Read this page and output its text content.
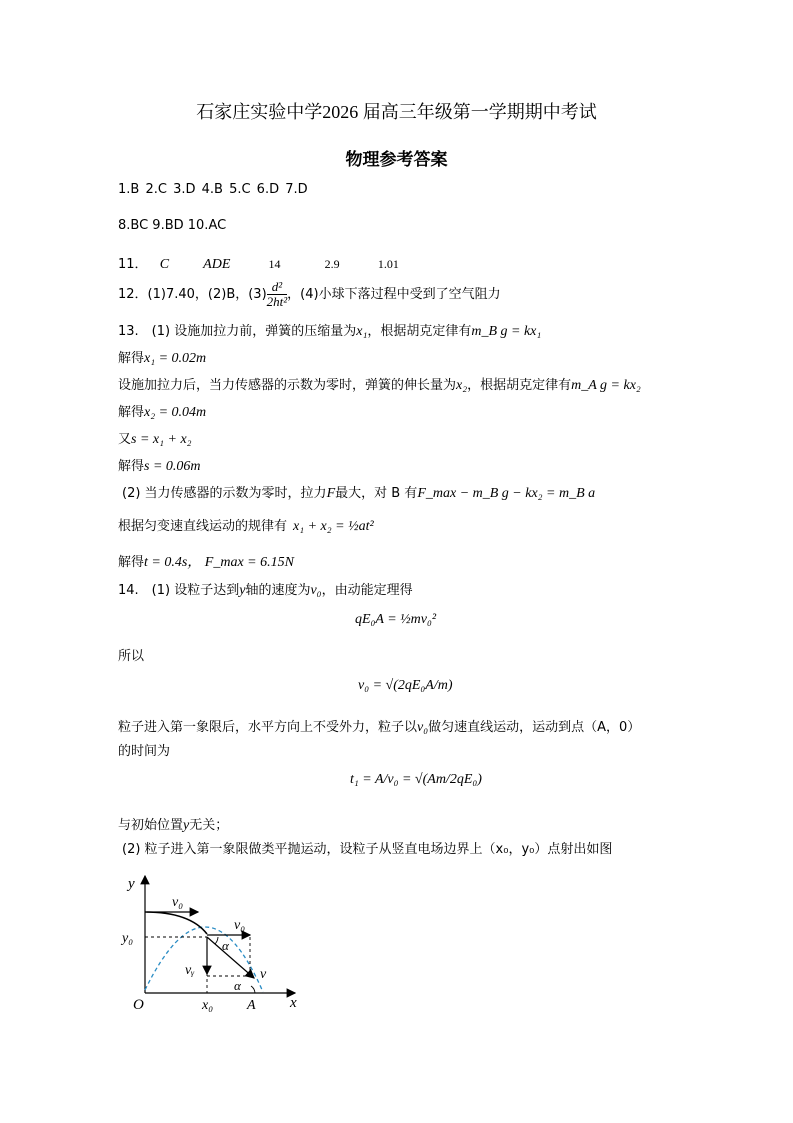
石家庄实验中学2026 届高三年级第一学期期中考试
物理参考答案
1.B 2.C 3.D 4.B 5.C 6.D 7.D
8.BC 9.BD 10.AC
11． C ADE	14	2.9	1.01
12．(1)7.40，(2)B，$(3) \frac{\text{d²}}{\text{2ht²}}$ ，(4)小球下落过程中受到了空气阻力
13.　(1) 设施加拉力前，弹簧的压缩量为x₁，根据胡克定律有m_B g = kx₁
解得x₁ = 0.02m
设施加拉力后，当力传感器的示数为零时，弹簧的伸长量为x₂，根据胡克定律有m_A g = kx₂
解得x₂ = 0.04m
又s = x₁ + x₂
解得s = 0.06m
(2) 当力传感器的示数为零时，拉力F最大，对 B 有F_max − m_B g − kx₂ = m_B a
根据匀变速直线运动的规律有 x₁ + x₂ = ½at²
解得t = 0.4s， F_max = 6.15N
14.　(1) 设粒子达到y轴的速度为v₀，由动能定理得
qE₀A = ½mv₀²
所以
v₀ = √(2qE₀A/m)
粒子进入第一象限后，水平方向上不受外力，粒子以v₀做匀速直线运动，运动到点（A，0）
的时间为
t₁ = A/v₀ = √(Am/2qE₀)
与初始位置y无关；
(2) 粒子进入第一象限做类平抛运动，设粒子从竖直电场边界上（x₀，y₀）点射出如图
y
x
O
v₀
v₀
y₀
vᵧ	v
x₀ A
α
α
